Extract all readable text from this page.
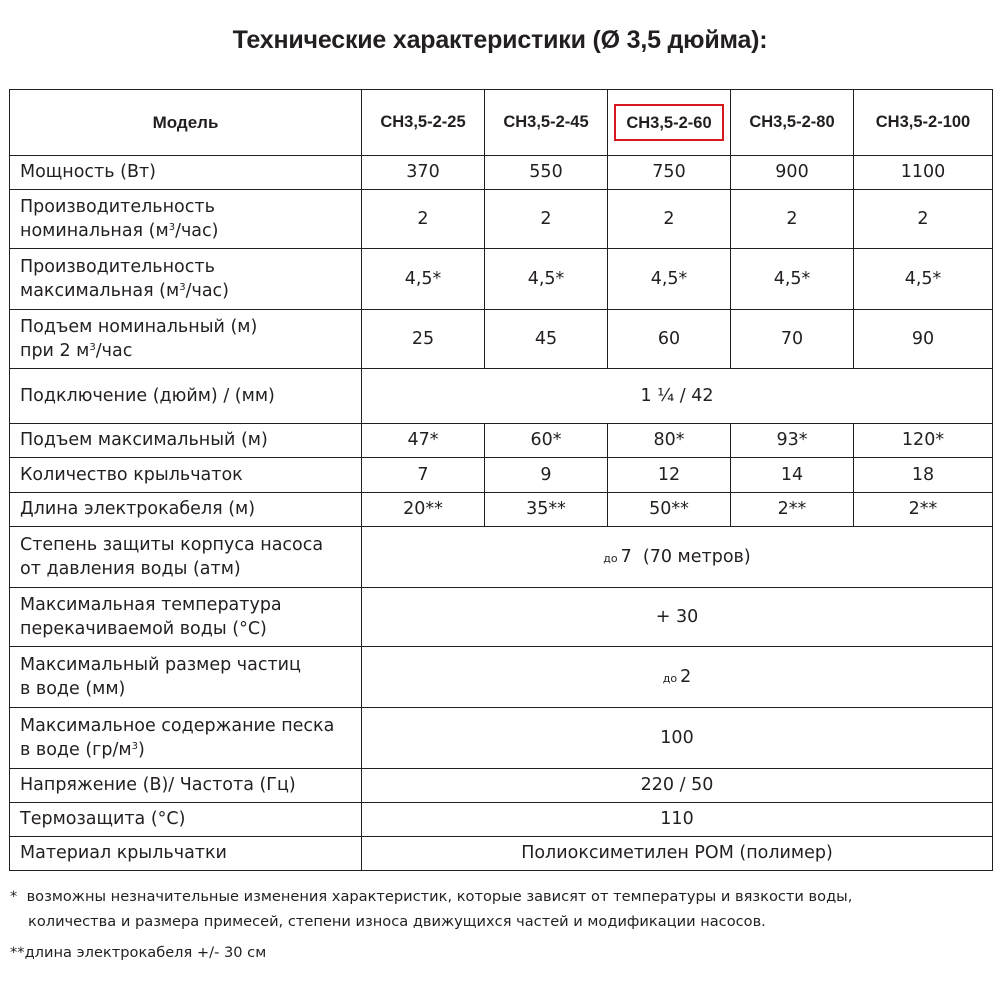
Технические характеристики (Ø 3,5 дюйма):
Модель	СН3,5-2-25	СН3,5-2-45	СН3,5-2-60	СН3,5-2-80	СН3,5-2-100
Мощность (Вт)	370	550	750	900	1100
Производительность
номинальная $(м^3/час)$	2	2	2	2	2
Производительность
максимальная $(м^3/час)$	4,5*	4,5*	4,5*	4,5*	4,5*
Подъем номинальный (м)
при 2 $м^3$/час	25	45	60	70	90
Подключение (дюйм) / (мм)	1 ¼ / 42				
Подъем максимальный (м)	47*	60*	80*	93*	120*
Количество крыльчаток	7	9	12	14	18
Длина электрокабеля (м)	20**	35**	50**	2**	2**
Степень защиты корпуса насоса
от давления воды (атм)	до 7  (70 метров)				
Максимальная температура
перекачиваемой воды (°С)	+ 30				
Максимальный размер частиц
в воде (мм)	до 2				
Максимальное содержание песка
в воде $(гр/м^3)$	100				
Напряжение (В)/ Частота (Гц)	220 / 50				
Термозащита (°С)	110				
Материал крыльчатки	Полиоксиметилен POM (полимер)				
*  возможны незначительные изменения характеристик, которые зависят от температуры и вязкости воды,
количества и размера примесей, степени износа движущихся частей и модификации насосов.
**длина электрокабеля +/- 30 см
